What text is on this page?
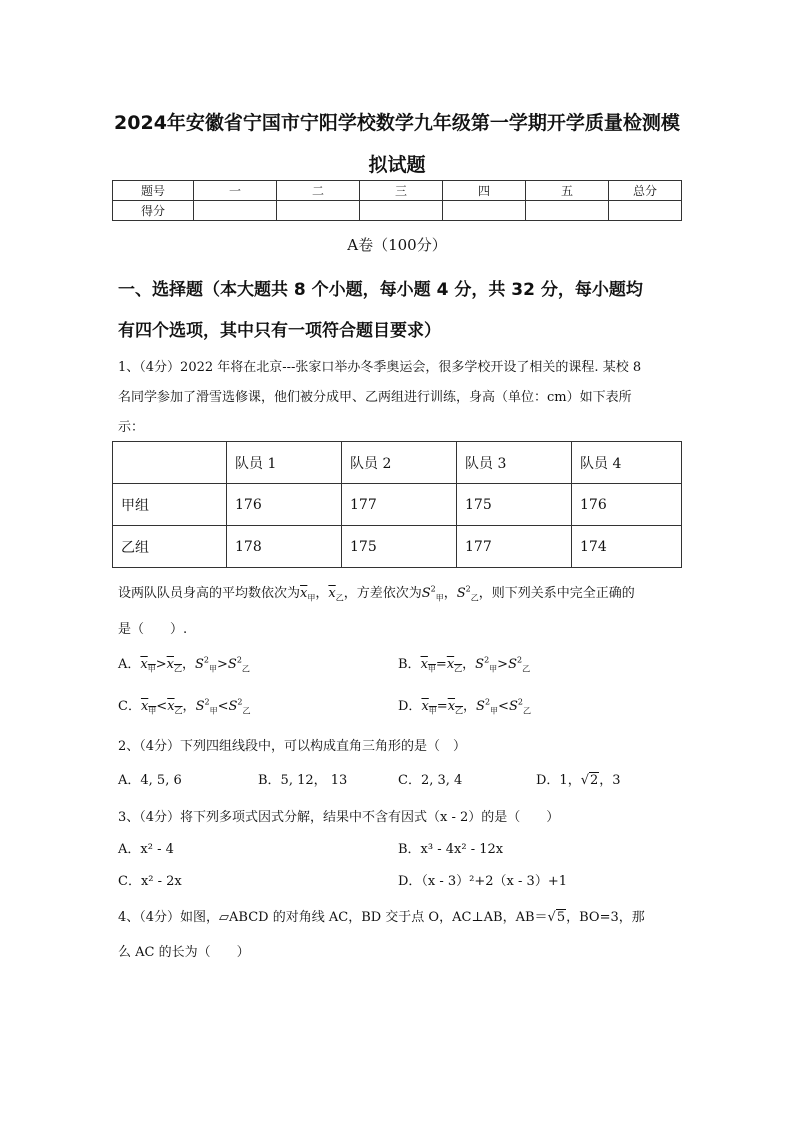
2024年安徽省宁国市宁阳学校数学九年级第一学期开学质量检测模
拟试题
题号	一	二	三	四	五	总分
得分						
A卷（100分）
一、选择题（本大题共 8 个小题，每小题 4 分，共 32 分，每小题均
有四个选项，其中只有一项符合题目要求）
1、（4分）2022 年将在北京---张家口举办冬季奥运会，很多学校开设了相关的课程. 某校 8
名同学参加了滑雪选修课，他们被分成甲、乙两组进行训练，身高（单位：cm）如下表所
示：
	队员 1	队员 2	队员 3	队员 4
甲组	176	177	175	176
乙组	178	175	177	174
设两队队员身高的平均数依次为$\overline{x}_甲$，$\overline{x}_乙$，方差依次为$S^2_甲$，$S^2_乙$，则下列关系中完全正确的
是（　　）.
A．$x_甲>x_乙$，$S^2_甲>S^2_乙$	B．$x_甲=x_乙$，$S^2_甲>S^2_乙$
C．$x_甲<x_乙$，$S^2_甲<S^2_乙$	D．$x_甲=x_乙$，$S^2_甲<S^2_乙$
2、（4分）下列四组线段中，可以构成直角三角形的是（　）
A．4, 5, 6	B．5, 12， 13	C．2, 3, 4	D．1，√2，3
3、（4分）将下列多项式因式分解，结果中不含有因式（x - 2）的是（　　）
A．x² - 4	B．x³ - 4x² - 12x
C．x² - 2x	D．（x - 3）²+2（x - 3）+1
4、（4分）如图，▱ABCD 的对角线 AC，BD 交于点 O，AC⊥AB，AB＝√5，BO=3，那
么 AC 的长为（　　）
